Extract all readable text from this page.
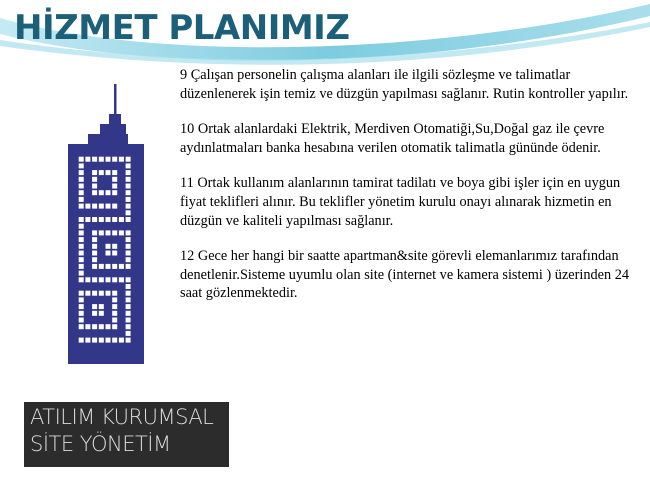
HİZMET PLANIMIZ

9 Çalışan personelin çalışma alanları ile ilgili sözleşme ve talimatlar düzenlenerek işin temiz ve düzgün yapılması sağlanır. Rutin kontroller yapılır.

10 Ortak alanlardaki Elektrik, Merdiven Otomatiği,Su,Doğal gaz ile çevre aydınlatmaları banka hesabına verilen otomatik talimatla gününde ödenir.

11 Ortak kullanım alanlarının tamirat tadilatı ve boya gibi işler için en uygun fiyat teklifleri alınır. Bu teklifler yönetim kurulu onayı alınarak hizmetin en düzgün ve kaliteli yapılması sağlanır.

12 Gece her hangi bir saatte apartman&site görevli elemanlarımız tarafından denetlenir.Sisteme uyumlu olan site (internet ve kamera sistemi ) üzerinden 24 saat gözlenmektedir.

ATILIM KURUMSAL
SİTE YÖNETİM
